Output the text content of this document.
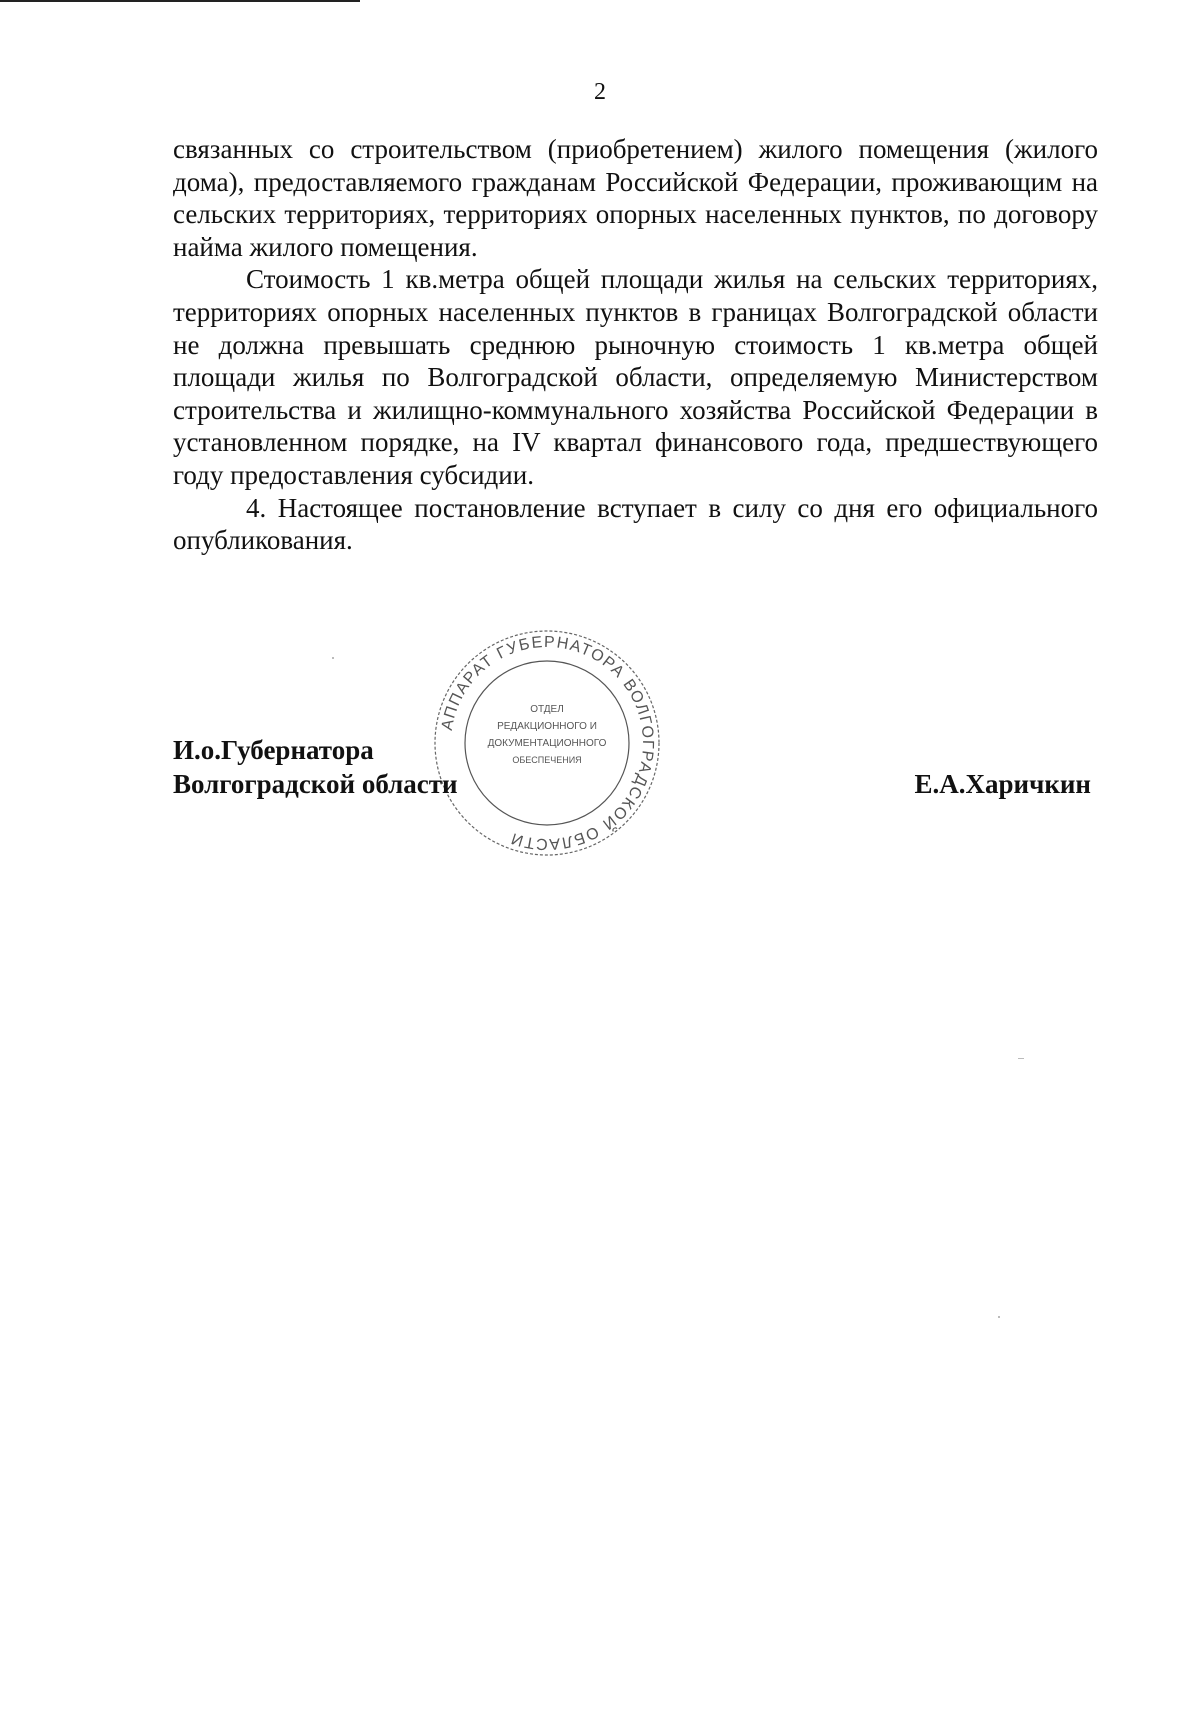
2

связанных со строительством (приобретением) жилого помещения (жилого дома), предоставляемого гражданам Российской Федерации, проживающим на сельских территориях, территориях опорных населенных пунктов, по договору найма жилого помещения.

Стоимость 1 кв.метра общей площади жилья на сельских территориях, территориях опорных населенных пунктов в границах Волгоградской области не должна превышать среднюю рыночную стоимость 1 кв.метра общей площади жилья по Волгоградской области, определяемую Министерством строительства и жилищно-коммунального хозяйства Российской Федерации в установленном порядке, на IV квартал финансового года, предшествующего году предоставления субсидии.

4. Настоящее постановление вступает в силу со дня его официального опубликования.

АППАРАТ ГУБЕРНАТОРА ВОЛГОГРАДСКОЙ ОБЛАСТИ
ОТДЕЛ
РЕДАКЦИОННОГО И
ДОКУМЕНТАЦИОННОГО
ОБЕСПЕЧЕНИЯ
И.о.Губернатора
Волгоградской области	Е.А.Харичкин
